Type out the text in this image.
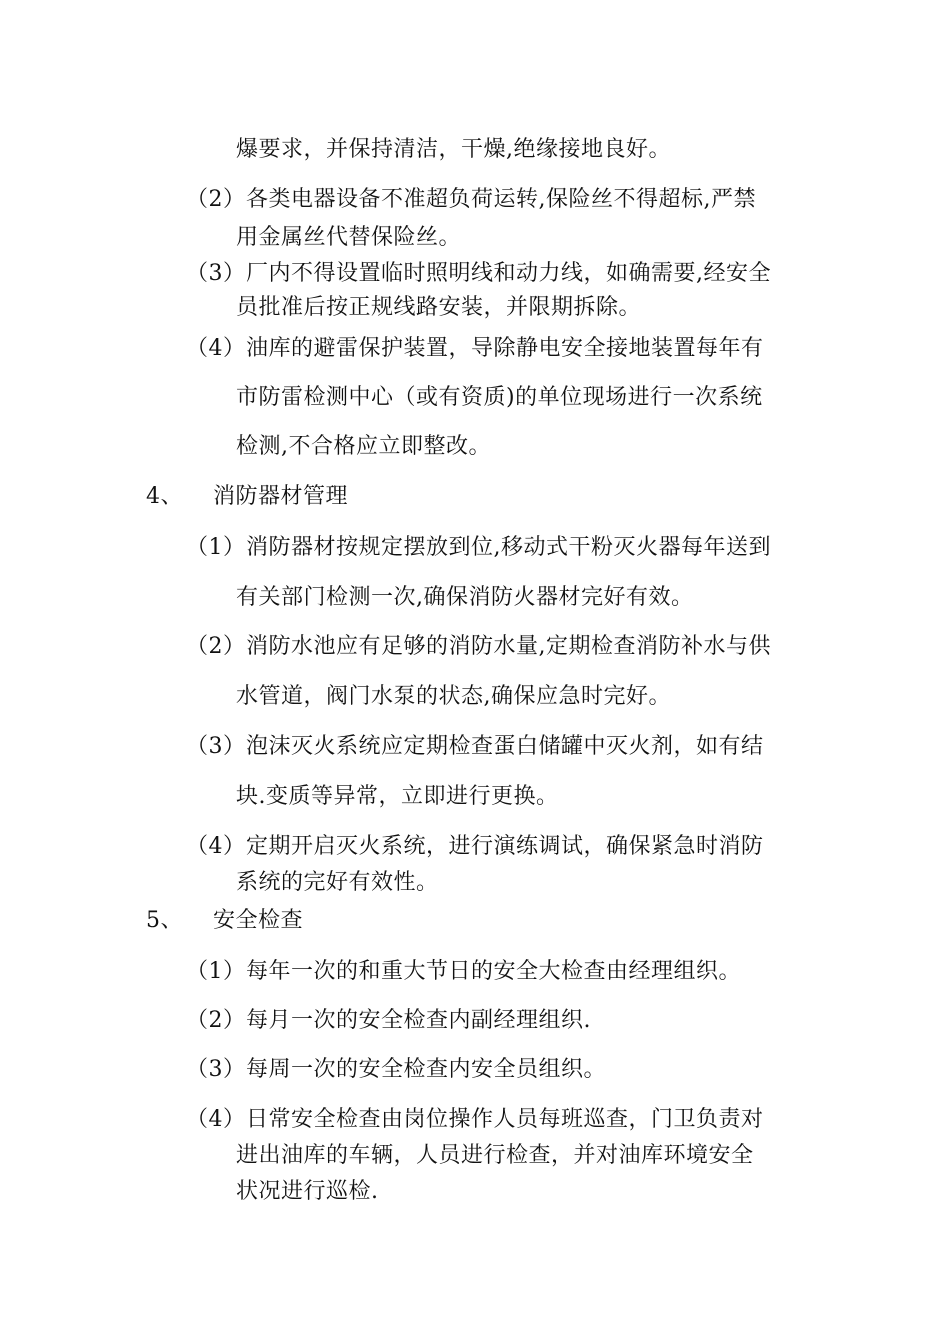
爆要求，并保持清洁，干燥,绝缘接地良好。
（2） 各类电器设备不准超负荷运转,保险丝不得超标,严禁
用金属丝代替保险丝。
（3） 厂内不得设置临时照明线和动力线，如确需要,经安全
员批准后按正规线路安装，并限期拆除。
（4） 油库的避雷保护装置，导除静电安全接地装置每年有
市防雷检测中心（或有资质)的单位现场进行一次系统
检测,不合格应立即整改。
4、 消防器材管理
（1） 消防器材按规定摆放到位,移动式干粉灭火器每年送到
有关部门检测一次,确保消防火器材完好有效。
（2） 消防水池应有足够的消防水量,定期检查消防补水与供
水管道，阀门水泵的状态,确保应急时完好。
（3） 泡沫灭火系统应定期检查蛋白储罐中灭火剂，如有结
块.变质等异常，立即进行更换。
（4） 定期开启灭火系统，进行演练调试，确保紧急时消防
系统的完好有效性。
5、 安全检查
（1） 每年一次的和重大节日的安全大检查由经理组织。
（2） 每月一次的安全检查内副经理组织.
（3） 每周一次的安全检查内安全员组织。
（4） 日常安全检查由岗位操作人员每班巡查，门卫负责对
进出油库的车辆，人员进行检查，并对油库环境安全
状况进行巡检.
